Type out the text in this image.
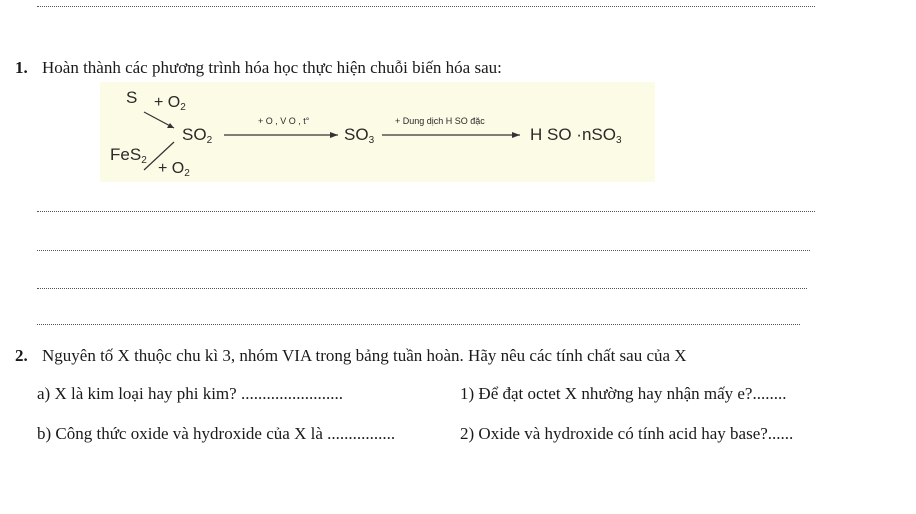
1. Hoàn thành các phương trình hóa học thực hiện chuỗi biến hóa sau:
$S + O_2$
$FeS_2 + O_2$
$SO_2$
+ O , V O , t°
$SO_3$
+ Dung dịch H SO đặc
H SO ·nSO$_3$
2. Nguyên tố X thuộc chu kì 3, nhóm VIA trong bảng tuần hoàn. Hãy nêu các tính chất sau của X
a) X là kim loại hay phi kim? ........................	1) Để đạt octet X nhường hay nhận mấy e?........
b) Công thức oxide và hydroxide của X là ................	2) Oxide và hydroxide có tính acid hay base?......
